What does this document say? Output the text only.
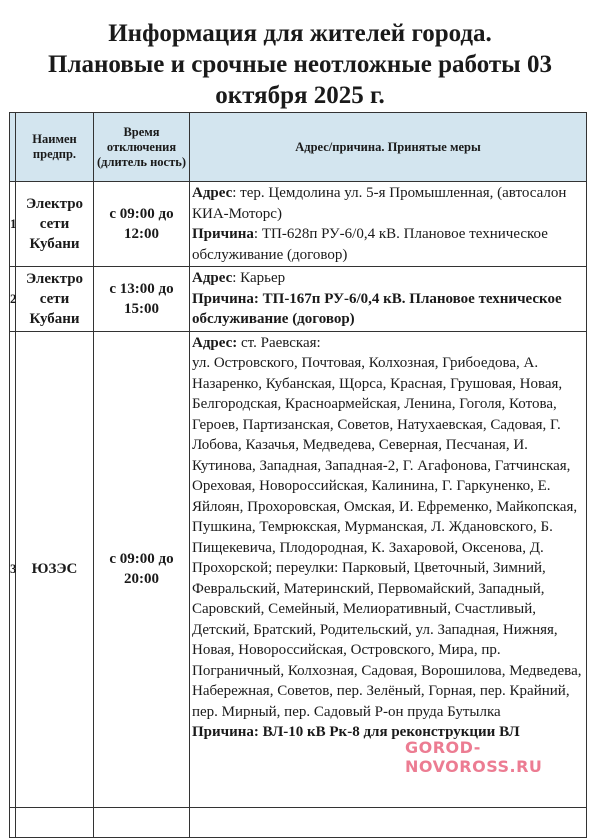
Информация для жителей города.
Плановые и срочные неотложные работы 03
октября 2025 г.
	Наимен предпр.	Время отключения (длитель ность)	Адрес/причина. Принятые меры
1	Электро сети Кубани	с 09:00 до 12:00	Адрес: тер. Цемдолина ул. 5-я Промышленная, (автосалон КИА-Моторс)
Причина: ТП-628п РУ-6/0,4 кВ. Плановое техническое обслуживание (договор)
2	Электро сети Кубани	с 13:00 до 15:00	Адрес: Карьер
Причина: ТП-167п РУ-6/0,4 кВ. Плановое техническое обслуживание (договор)
3	ЮЗЭС	с 09:00 до 20:00	Адрес: ст. Раевская:
ул. Островского, Почтовая, Колхозная, Грибоедова, А. Назаренко, Кубанская, Щорса, Красная, Грушовая, Новая, Белгородская, Красноармейская, Ленина, Гоголя, Котова, Героев, Партизанская, Советов, Натухаевская, Садовая, Г. Лобова, Казачья, Медведева, Северная, Песчаная, И. Кутинова, Западная, Западная-2, Г. Агафонова, Гатчинская, Ореховая, Новороссийская, Калинина, Г. Гаркуненко, Е. Яйлоян, Прохоровская, Омская, И. Ефременко, Майкопская, Пушкина, Темрюкская, Мурманская, Л. Ждановского, Б. Пищекевича, Плодородная, К. Захаровой, Оксенова, Д. Прохорской; переулки: Парковый, Цветочный, Зимний, Февральский, Материнский, Первомайский, Западный, Саровский, Семейный, Мелиоративный, Счастливый, Детский, Братский, Родительский, ул. Западная, Нижняя, Новая, Новороссийская, Островского, Мира, пр. Пограничный, Колхозная, Садовая, Ворошилова, Медведева, Набережная, Советов, пер. Зелёный, Горная, пер. Крайний, пер. Мирный, пер. Садовый Р-он пруда Бутылка
Причина: ВЛ-10 кВ Рк-8 для реконструкции ВЛ

GOROD-NOVOROSS.RU
